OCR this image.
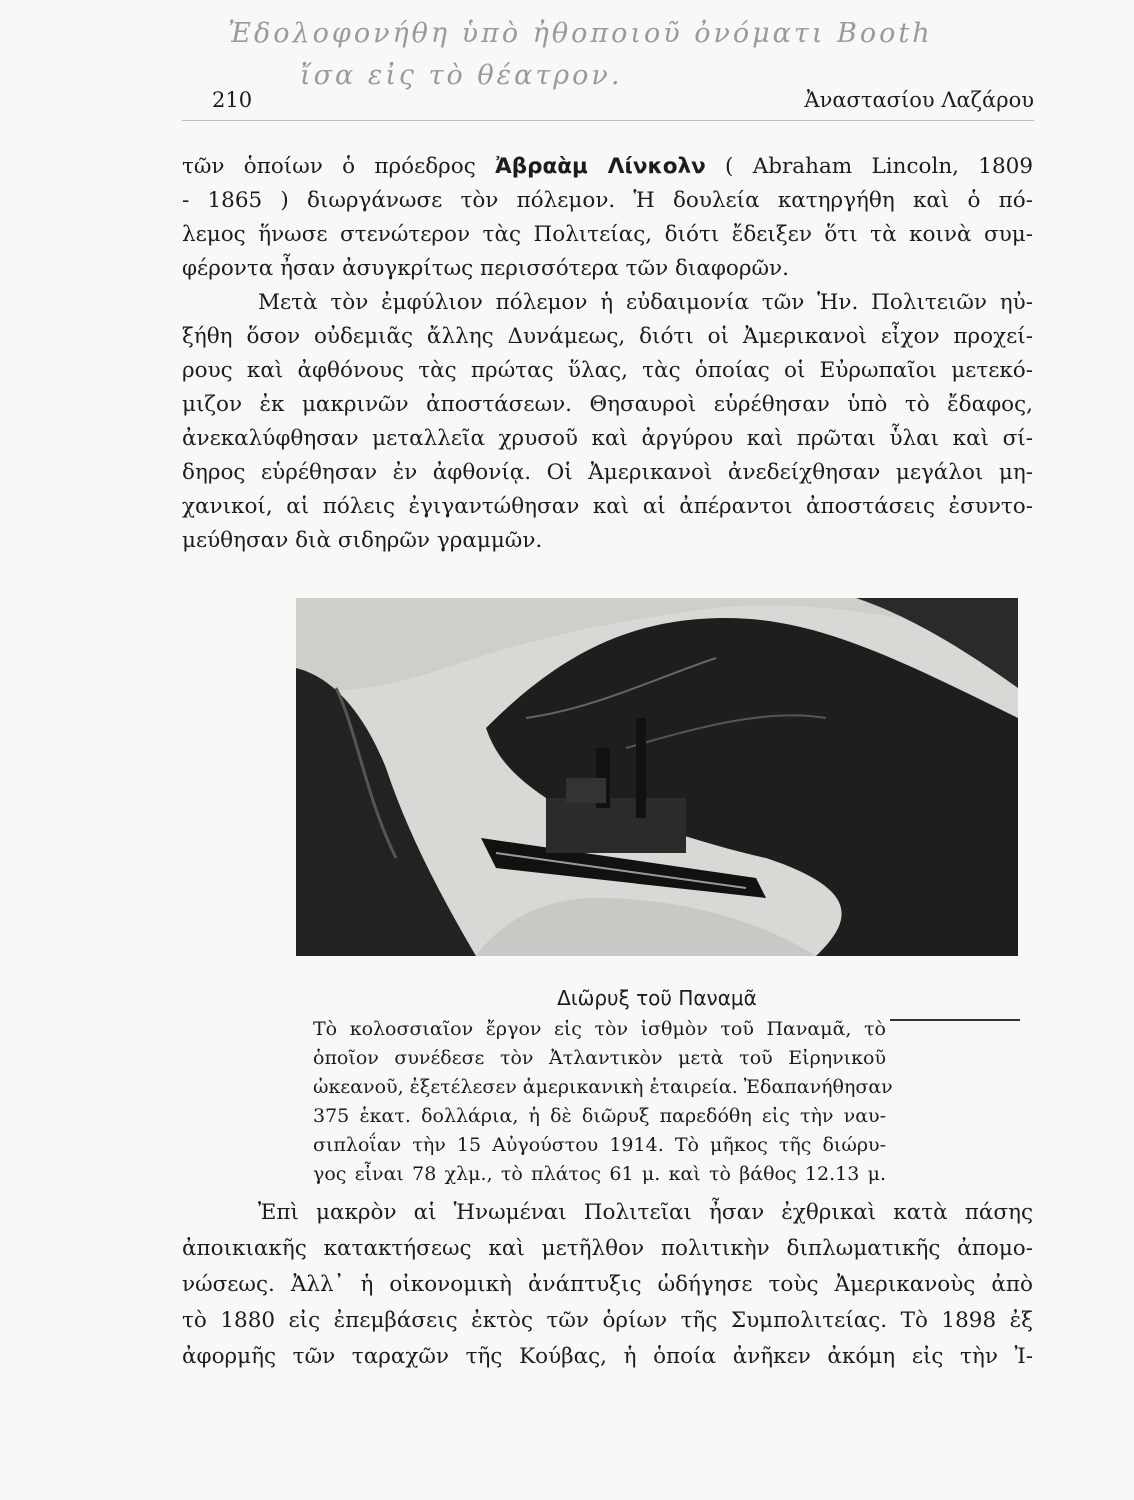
Ἐδολοφονήθη ὑπὸ ἠθοποιοῦ ὀνόματι Booth
ἴσα εἰς τὸ θέατρον.
210	Ἀναστασίου Λαζάρου
τῶν ὁποίων ὁ πρόεδρος Ἀβραὰμ Λίνκολν ( Abraham Lincoln, 1809
- 1865 ) διωργάνωσε τὸν πόλεμον. Ἡ δουλεία κατηργήθη καὶ ὁ πό-
λεμος ἥνωσε στενώτερον τὰς Πολιτείας, διότι ἔδειξεν ὅτι τὰ κοινὰ συμ-
φέροντα ἦσαν ἀσυγκρίτως περισσότερα τῶν διαφορῶν.
Μετὰ τὸν ἐμφύλιον πόλεμον ἡ εὐδαιμονία τῶν Ἡν. Πολιτειῶν ηὐ-
ξήθη ὅσον οὐδεμιᾶς ἄλλης Δυνάμεως, διότι οἱ Ἀμερικανοὶ εἶχον προχεί-
ρους καὶ ἀφθόνους τὰς πρώτας ὕλας, τὰς ὁποίας οἱ Εὐρωπαῖοι μετεκό-
μιζον ἐκ μακρινῶν ἀποστάσεων. Θησαυροὶ εὑρέθησαν ὑπὸ τὸ ἔδαφος,
ἀνεκαλύφθησαν μεταλλεῖα χρυσοῦ καὶ ἀργύρου καὶ πρῶται ὗλαι καὶ σί-
δηρος εὑρέθησαν ἐν ἀφθονίᾳ. Οἱ Ἀμερικανοὶ ἀνεδείχθησαν μεγάλοι μη-
χανικοί, αἱ πόλεις ἐγιγαντώθησαν καὶ αἱ ἀπέραντοι ἀποστάσεις ἐσυντο-
μεύθησαν διὰ σιδηρῶν γραμμῶν.
Διῶρυξ τοῦ Παναμᾶ
Τὸ κολοσσιαῖον ἔργον εἰς τὸν ἰσθμὸν τοῦ Παναμᾶ, τὸ
ὁποῖον συνέδεσε τὸν Ἀτλαντικὸν μετὰ τοῦ Εἰρηνικοῦ
ὠκεανοῦ, ἐξετέλεσεν ἀμερικανικὴ ἑταιρεία. Ἐδαπανήθησαν
375 ἑκατ. δολλάρια, ἡ δὲ διῶρυξ παρεδόθη εἰς τὴν ναυ-
σιπλοΐαν τὴν 15 Αὐγούστου 1914. Τὸ μῆκος τῆς διώρυ-
γος εἶναι 78 χλμ., τὸ πλάτος 61 μ. καὶ τὸ βάθος 12.13 μ.
Ἐπὶ μακρὸν αἱ Ἡνωμέναι Πολιτεῖαι ἦσαν ἐχθρικαὶ κατὰ πάσης
ἀποικιακῆς κατακτήσεως καὶ μετῆλθον πολιτικὴν διπλωματικῆς ἀπομο-
νώσεως. Ἀλλ᾽ ἡ οἰκονομικὴ ἀνάπτυξις ὡδήγησε τοὺς Ἀμερικανοὺς ἀπὸ
τὸ 1880 εἰς ἐπεμβάσεις ἐκτὸς τῶν ὁρίων τῆς Συμπολιτείας. Τὸ 1898 ἐξ
ἀφορμῆς τῶν ταραχῶν τῆς Κούβας, ἡ ὁποία ἀνῆκεν ἀκόμη εἰς τὴν Ἰ-
